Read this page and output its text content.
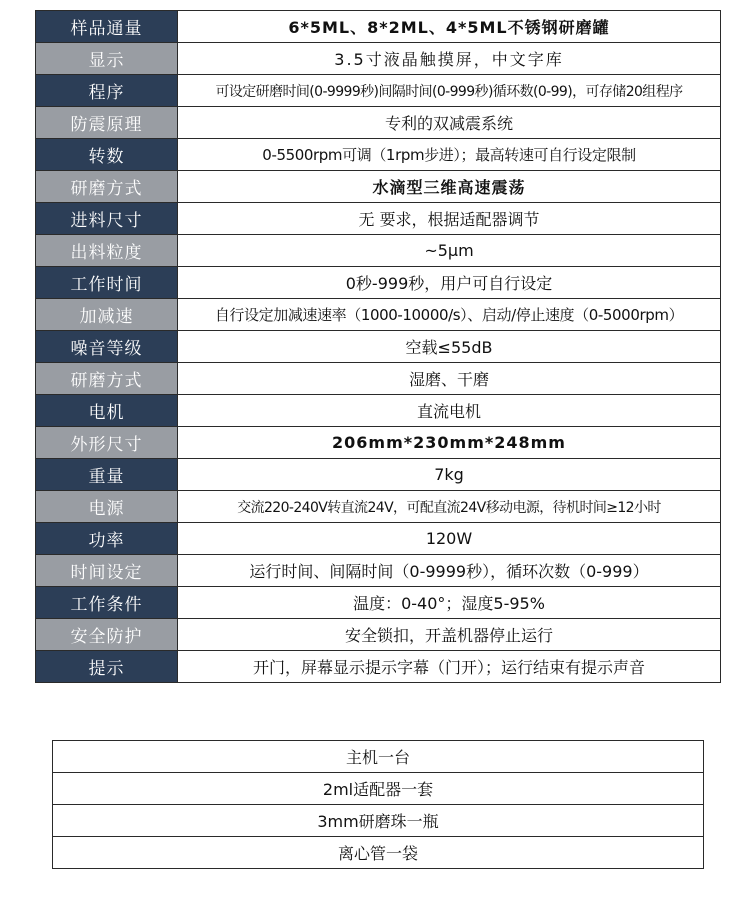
样品通量	6*5ML、8*2ML、4*5ML不锈钢研磨罐
显示	3.5寸液晶触摸屏，中文字库
程序	可设定研磨时间(0-9999秒)间隔时间(0-999秒)循环数(0-99)，可存储20组程序
防震原理	专利的双减震系统
转数	0-5500rpm可调（1rpm步进）；最高转速可自行设定限制
研磨方式	水滴型三维高速震荡
进料尺寸	无 要求，根据适配器调节
出料粒度	~5μm
工作时间	0秒-999秒，用户可自行设定
加减速	自行设定加减速速率（1000-10000/s）、启动/停止速度（0-5000rpm）
噪音等级	空载≤55dB
研磨方式	湿磨、干磨
电机	直流电机
外形尺寸	206mm*230mm*248mm
重量	7kg
电源	交流220-240V转直流24V，可配直流24V移动电源，待机时间≥12小时
功率	120W
时间设定	运行时间、间隔时间（0-9999秒），循环次数（0-999）
工作条件	温度：0-40°；湿度5-95%
安全防护	安全锁扣，开盖机器停止运行
提示	开门，屏幕显示提示字幕（门开）；运行结束有提示声音
主机一台
2ml适配器一套
3mm研磨珠一瓶
离心管一袋
